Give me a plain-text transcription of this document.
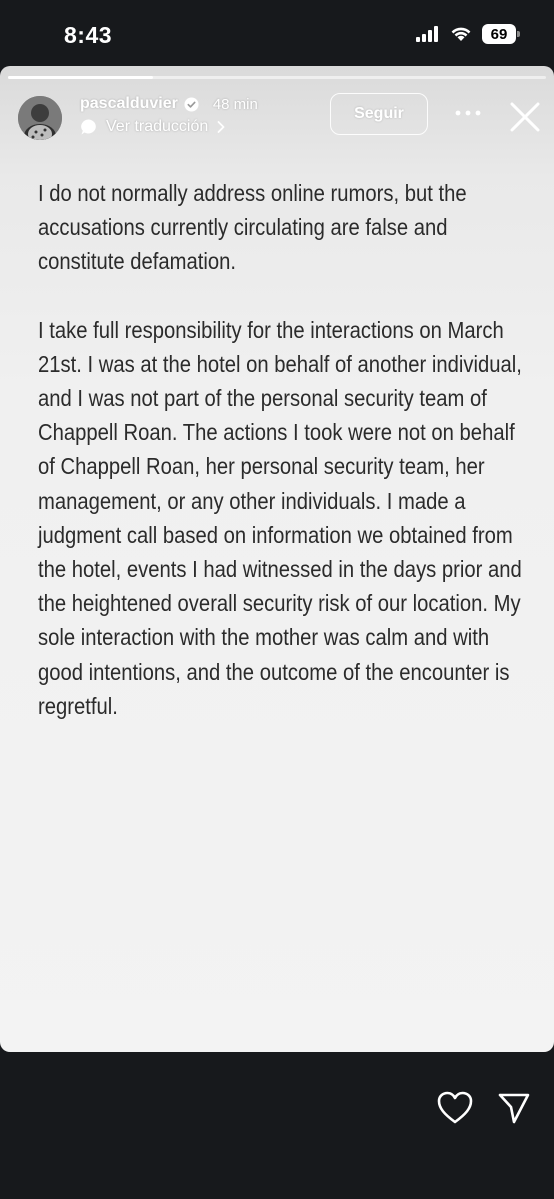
8:43	69
pascalduvier 48 min
Ver traducción
Seguir

I do not normally address online rumors, but the accusations currently circulating are false and constitute defamation.

I take full responsibility for the interactions on March 21st. I was at the hotel on behalf of another individual, and I was not part of the personal security team of Chappell Roan. The actions I took were not on behalf of Chappell Roan, her personal security team, her management, or any other individuals. I made a judgment call based on information we obtained from the hotel, events I had witnessed in the days prior and the heightened overall security risk of our location. My sole interaction with the mother was calm and with good intentions, and the outcome of the encounter is regretful.
